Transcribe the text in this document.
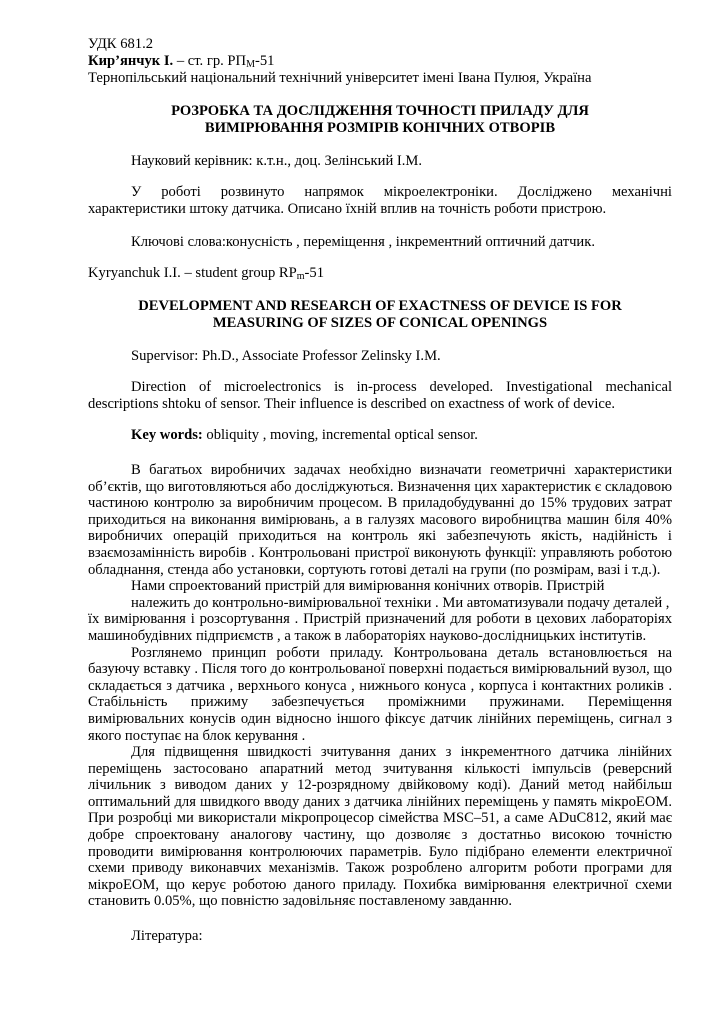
УДК 681.2
Кир’янчук І. – ст. гр. $РП_М-51$
Тернопільський національний технічний університет імені Івана Пулюя, Україна
РОЗРОБКА ТА ДОСЛІДЖЕННЯ ТОЧНОСТІ ПРИЛАДУ ДЛЯ
ВИМІРЮВАННЯ РОЗМІРІВ КОНІЧНИХ ОТВОРІВ

Науковий керівник: к.т.н., доц. Зелінський І.М.

У роботі розвинуто напрямок мікроелектроніки. Досліджено механічні характеристики штоку датчика. Описано їхній вплив на точність роботи пристрою.

Ключові слова:конусність , переміщення , інкрементний оптичний датчик.

Kyryanchuk I.I. – student group $RP_m-51$
DEVELOPMENT AND RESEARCH OF EXACTNESS OF DEVICE IS FOR
MEASURING OF SIZES OF CONICAL OPENINGS

Supervisor: Ph.D., Associate Professor Zelinsky I.M.

Direction of microelectronics is in-process developed. Investigational mechanical descriptions shtoku of sensor. Their influence is described on exactness of work of device.

Key words: obliquity , moving, incremental optical sensor.

В багатьох виробничих задачах необхідно визначати геометричні характеристики об’єктів, що виготовляються або досліджуються. Визначення цих характеристик є складовою частиною контролю за виробничим процесом. В приладобудуванні до 15% трудових затрат приходиться на виконання вимірювань, а в галузях масового виробництва машин біля 40% виробничих операцій приходиться на контроль які забезпечують якість, надійність і взаємозамінність виробів . Контрольовані пристрої виконують функції: управляють роботою обладнання, стенда або установки, сортують готові деталі на групи (по розмірам, вазі і т.д.).

Нами спроектований пристрій для вимірювання конічних отворів. Пристрій

належить до контрольно-вимірювальної техніки . Ми автоматизували подачу деталей ,

їх вимірювання і розсортування . Пристрій призначений для роботи в цехових лабораторіях машинобудівних підприємств , а також в лабораторіях науково-дослідницьких інститутів.

Розглянемо принцип роботи приладу. Контрольована деталь встановлюється на базуючу вставку . Після того до контрольованої поверхні подається вимірювальний вузол, що складається з датчика , верхнього конуса , нижнього конуса , корпуса і контактних роликів . Стабільність прижиму забезпечується проміжними пружинами. Переміщення вимірювальних конусів один відносно іншого фіксує датчик лінійних переміщень, сигнал з якого поступає на блок керування .

Для підвищення швидкості зчитування даних з інкрементного датчика лінійних переміщень застосовано апаратний метод зчитування кількості імпульсів (реверсний лічильник з виводом даних у 12-розрядному двійковому коді). Даний метод найбільш оптимальний для швидкого вводу даних з датчика лінійних переміщень у память мікроЕОМ. При розробці ми використали мікропроцесор сімейства MSC–51, а саме ADuC812, який має добре спроектовану аналогову частину, що дозволяє з достатньо високою точністю проводити вимірювання контролюючих параметрів. Було підібрано елементи електричної схеми приводу виконавчих механізмів. Також розроблено алгоритм роботи програми для мікроЕОМ, що керує роботою даного приладу. Похибка вимірювання електричної схеми становить 0.05%, що повністю задовільняє поставленому завданню.

Література:
